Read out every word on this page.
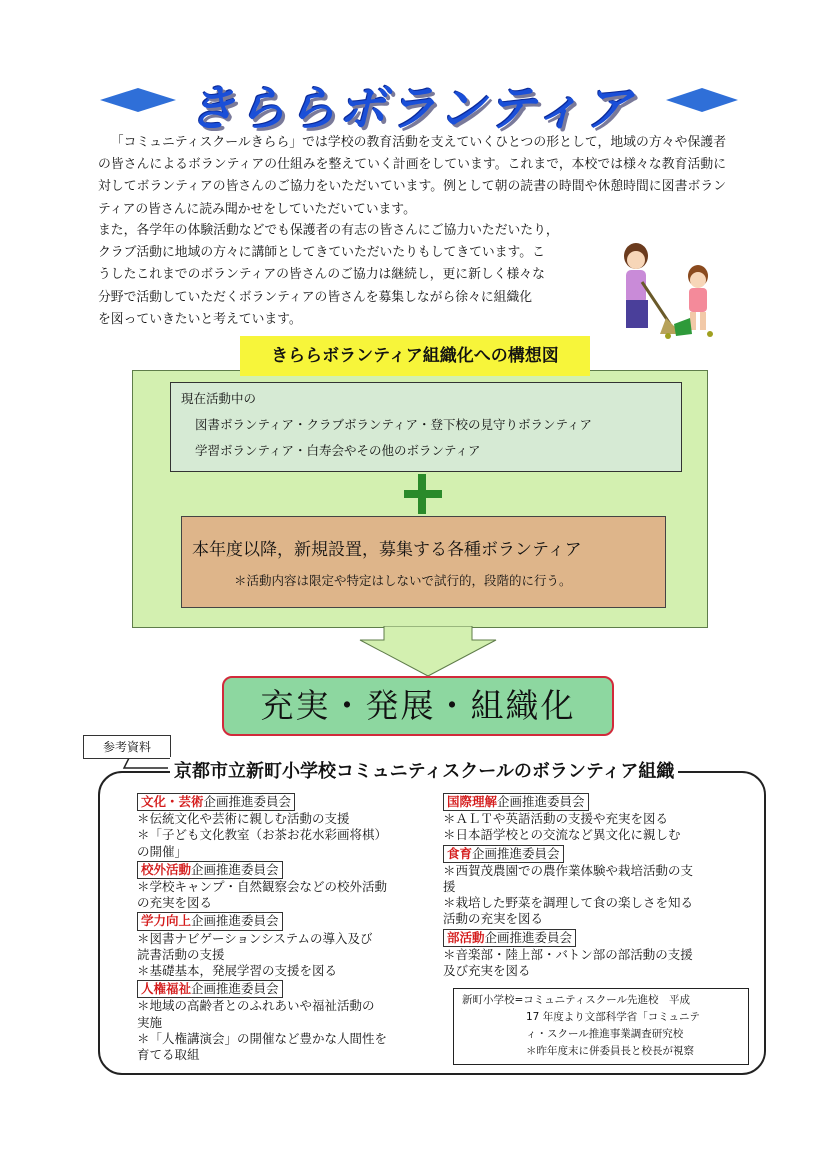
きららボランティア

「コミュニティスクールきらら」では学校の教育活動を支えていくひとつの形として，地域の方々や保護者の皆さんによるボランティアの仕組みを整えていく計画をしています。これまで，本校では様々な教育活動に対してボランティアの皆さんのご協力をいただいています。例として朝の読書の時間や休憩時間に図書ボランティアの皆さんに読み聞かせをしていただいています。

また，各学年の体験活動などでも保護者の有志の皆さんにご協力いただいたり，
クラブ活動に地域の方々に講師としてきていただいたりもしてきています。こ
うしたこれまでのボランティアの皆さんのご協力は継続し，更に新しく様々な
分野で活動していただくボランティアの皆さんを募集しながら徐々に組織化
を図っていきたいと考えています。
きららボランティア組織化への構想図
現在活動中の
図書ボランティア・クラブボランティア・登下校の見守りボランティア
学習ボランティア・白寿会やその他のボランティア
本年度以降，新規設置，募集する各種ボランティア
＊活動内容は限定や特定はしないで試行的，段階的に行う。
充実・発展・組織化
参考資料
京都市立新町小学校コミュニティスクールのボランティア組織
文化・芸術企画推進委員会
＊伝統文化や芸術に親しむ活動の支援
＊「子ども文化教室（お茶お花水彩画将棋）
の開催」
校外活動企画推進委員会
＊学校キャンプ・自然観察会などの校外活動
の充実を図る
学力向上企画推進委員会
＊図書ナビゲーションシステムの導入及び
読書活動の支援
＊基礎基本，発展学習の支援を図る
人権福祉企画推進委員会
＊地域の高齢者とのふれあいや福祉活動の
実施
＊「人権講演会」の開催など豊かな人間性を
育てる取組
国際理解企画推進委員会
＊ＡＬＴや英語活動の支援や充実を図る
＊日本語学校との交流など異文化に親しむ
食育企画推進委員会
＊西賀茂農園での農作業体験や栽培活動の支
援
＊栽培した野菜を調理して食の楽しさを知る
活動の充実を図る
部活動企画推進委員会
＊音楽部・陸上部・バトン部の部活動の支援
及び充実を図る
新町小学校=コミュニティスクール先進校　平成
17 年度より文部科学省「コミュニテ
ィ・スクール推進事業調査研究校
＊昨年度末に併委員長と校長が視察
